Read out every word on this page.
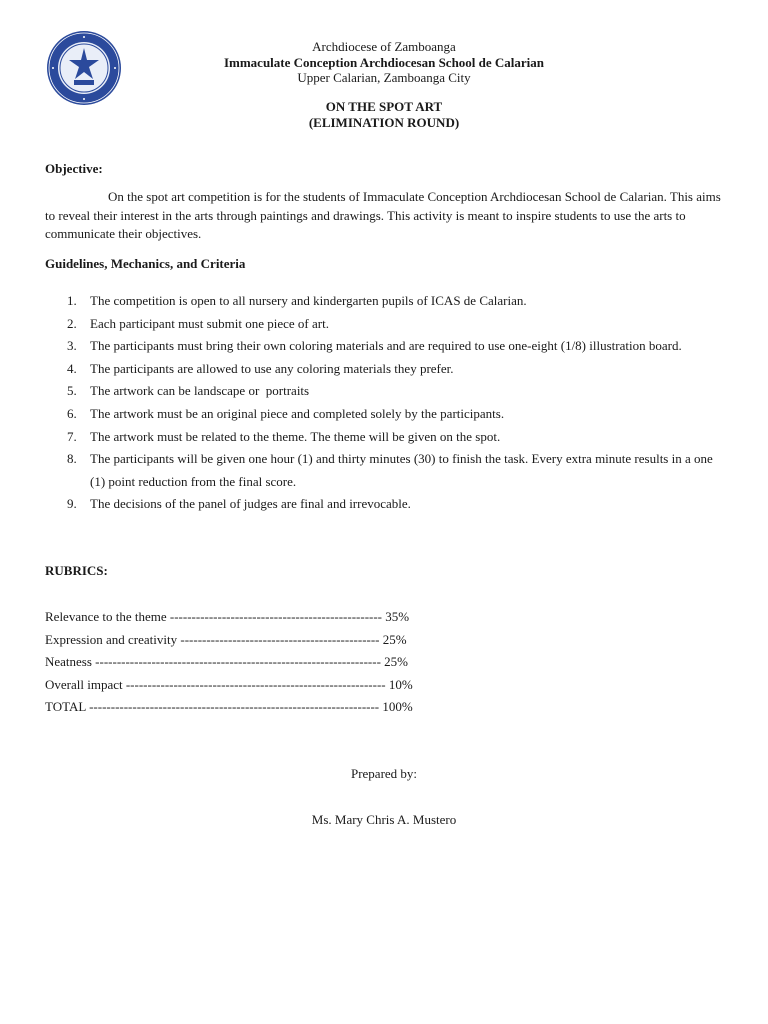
Archdiocese of Zamboanga
Immaculate Conception Archdiocesan School de Calarian
Upper Calarian, Zamboanga City
ON THE SPOT ART
(ELIMINATION ROUND)
Objective:
On the spot art competition is for the students of Immaculate Conception Archdiocesan School de Calarian. This aims to reveal their interest in the arts through paintings and drawings. This activity is meant to inspire students to use the arts to communicate their objectives.
Guidelines, Mechanics, and Criteria
1. The competition is open to all nursery and kindergarten pupils of ICAS de Calarian.
2. Each participant must submit one piece of art.
3. The participants must bring their own coloring materials and are required to use one-eight (1/8) illustration board.
4. The participants are allowed to use any coloring materials they prefer.
5. The artwork can be landscape or  portraits
6. The artwork must be an original piece and completed solely by the participants.
7. The artwork must be related to the theme. The theme will be given on the spot.
8. The participants will be given one hour (1) and thirty minutes (30) to finish the task. Every extra minute results in a one (1) point reduction from the final score.
9. The decisions of the panel of judges are final and irrevocable.
RUBRICS:
Relevance to the theme ------------------------------------------------- 35%
Expression and creativity ---------------------------------------------- 25%
Neatness ------------------------------------------------------------------ 25%
Overall impact ------------------------------------------------------------ 10%
TOTAL ------------------------------------------------------------------- 100%
Prepared by:
Ms. Mary Chris A. Mustero
